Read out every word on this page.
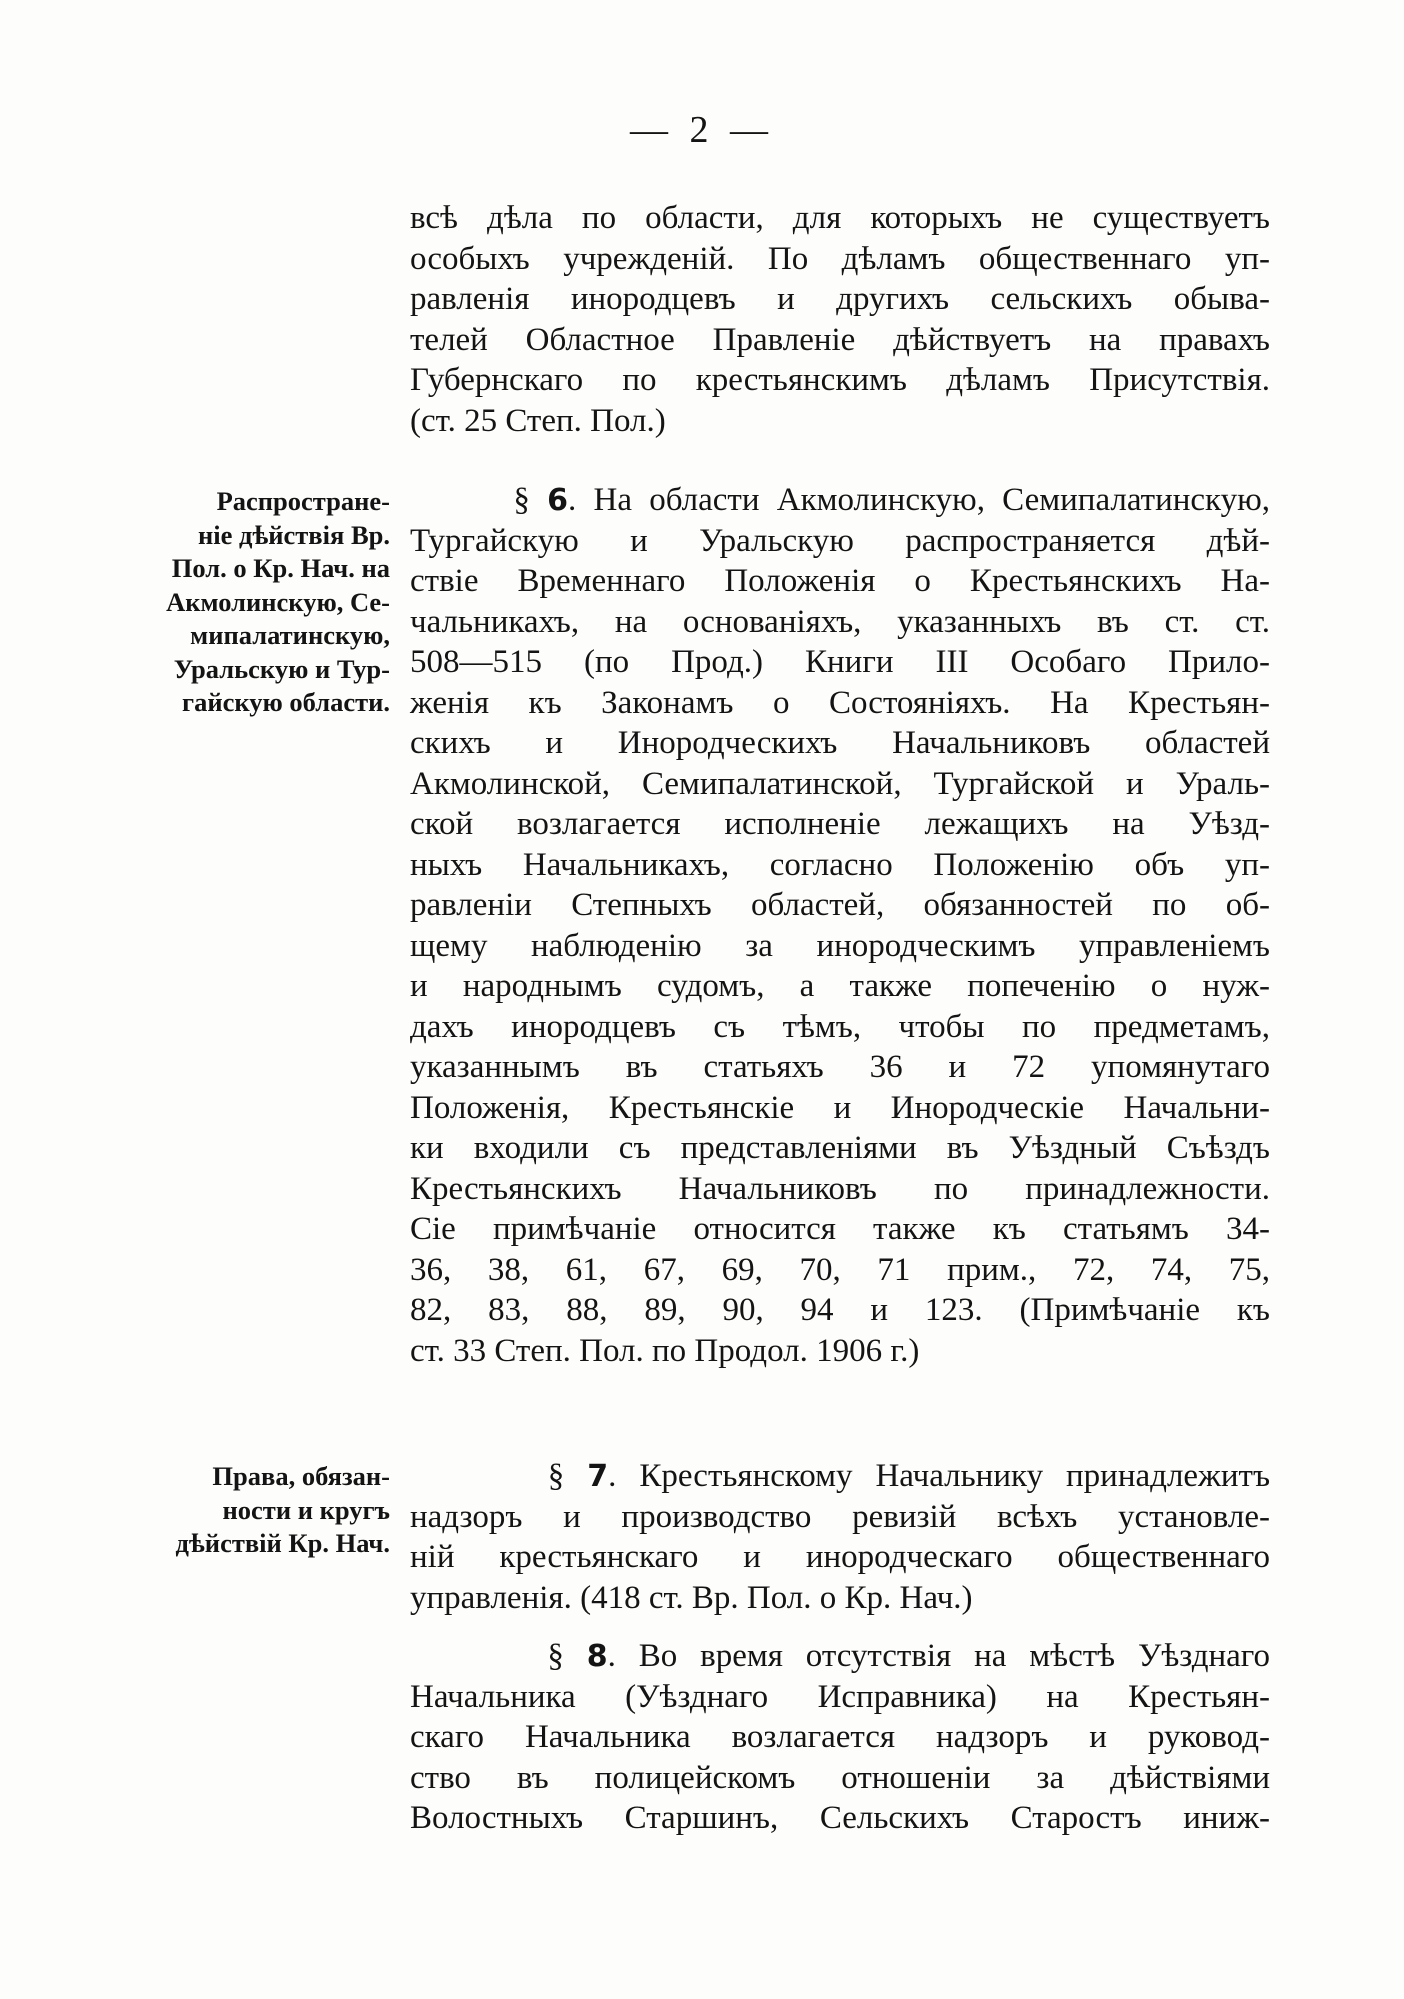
— 2 —
всѣ дѣла по области, для которыхъ не существуетъ
особыхъ учрежденій. По дѣламъ общественнаго уп-
равленія инородцевъ и другихъ сельскихъ обыва-
телей Областное Правленіе дѣйствуетъ на правахъ
Губернскаго по крестьянскимъ дѣламъ Присутствія.
(ст. 25 Степ. Пол.)
Распростране-
ніе дѣйствія Вр.
Пол. о Кр. Нач. на
Акмолинскую, Се-
мипалатинскую,
Уральскую и Тур-
гайскую области.
§ 6. На области Акмолинскую, Семипалатинскую,
Тургайскую и Уральскую распространяется дѣй-
ствіе Временнаго Положенія о Крестьянскихъ На-
чальникахъ, на основаніяхъ, указанныхъ въ ст. ст.
508—515 (по Прод.) Книги III Особаго Прило-
женія къ Законамъ о Состояніяхъ. На Крестьян-
скихъ и Инородческихъ Начальниковъ областей
Акмолинской, Семипалатинской, Тургайской и Ураль-
ской возлагается исполненіе лежащихъ на Уѣзд-
ныхъ Начальникахъ, согласно Положенію объ уп-
равленіи Степныхъ областей, обязанностей по об-
щему наблюденію за инородческимъ управленіемъ
и народнымъ судомъ, а также попеченію о нуж-
дахъ инородцевъ съ тѣмъ, чтобы по предметамъ,
указаннымъ въ статьяхъ 36 и 72 упомянутаго
Положенія, Крестьянскіе и Инородческіе Начальни-
ки входили съ представленіями въ Уѣздный Съѣздъ
Крестьянскихъ Начальниковъ по принадлежности.
Сіе примѣчаніе относится также къ статьямъ 34-
36, 38, 61, 67, 69, 70, 71 прим., 72, 74, 75,
82, 83, 88, 89, 90, 94 и 123. (Примѣчаніе къ
ст. 33 Степ. Пол. по Продол. 1906 г.)
Права, обязан-
ности и кругъ
дѣйствій Кр. Нач.
§ 7. Крестьянскому Начальнику принадлежитъ
надзоръ и производство ревизій всѣхъ установле-
ній крестьянскаго и инородческаго общественнаго
управленія. (418 ст. Вр. Пол. о Кр. Нач.)
§ 8. Во время отсутствія на мѣстѣ Уѣзднаго
Начальника (Уѣзднаго Исправника) на Крестьян-
скаго Начальника возлагается надзоръ и руковод-
ство въ полицейскомъ отношеніи за дѣйствіями
Волостныхъ Старшинъ, Сельскихъ Старостъ иниж-
